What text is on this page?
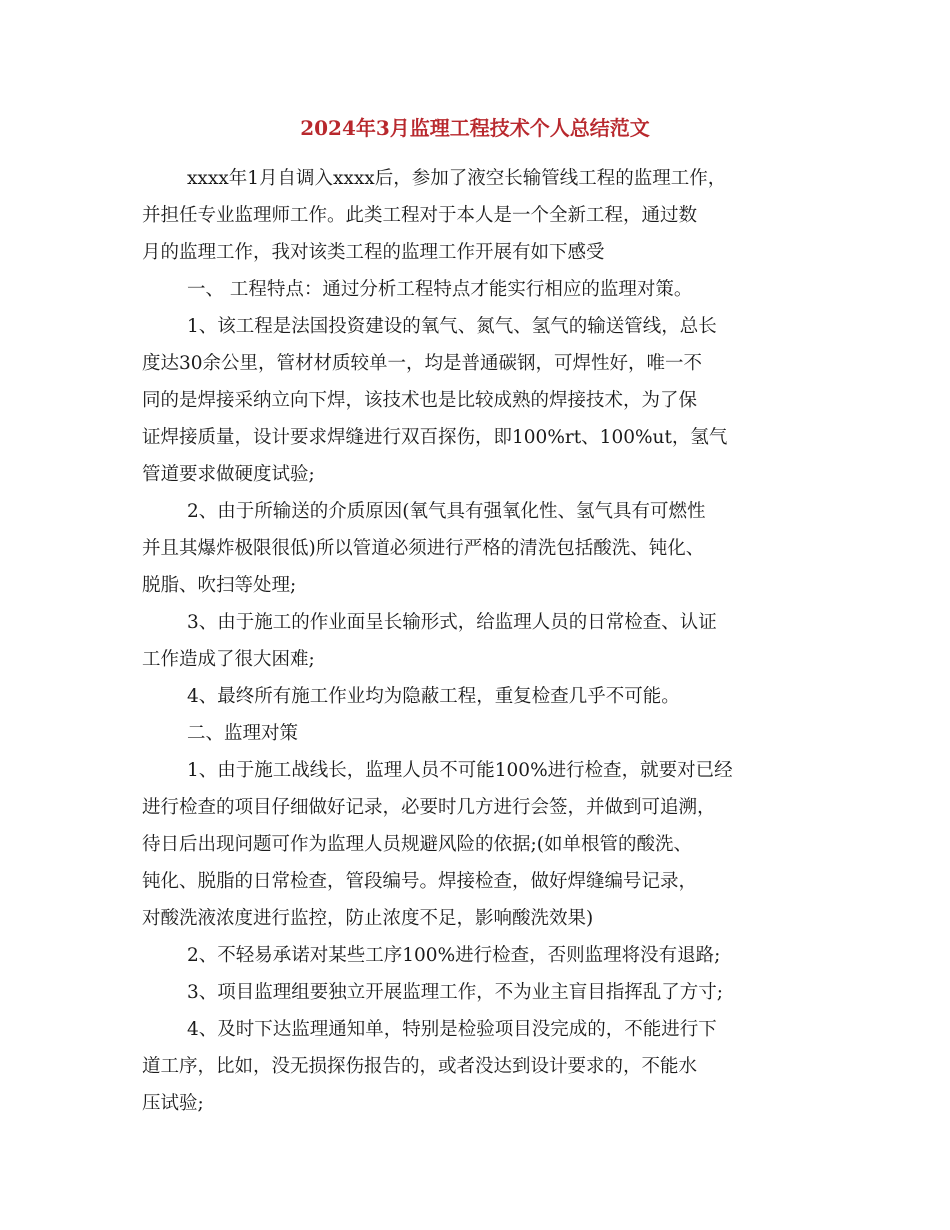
2024年3月监理工程技术个人总结范文
xxxx年1月自调入xxxx后，参加了液空长输管线工程的监理工作，
并担任专业监理师工作。此类工程对于本人是一个全新工程，通过数
月的监理工作，我对该类工程的监理工作开展有如下感受
一、 工程特点：通过分析工程特点才能实行相应的监理对策。
1、该工程是法国投资建设的氧气、氮气、氢气的输送管线，总长
度达30余公里，管材材质较单一，均是普通碳钢，可焊性好，唯一不
同的是焊接采纳立向下焊，该技术也是比较成熟的焊接技术，为了保
证焊接质量，设计要求焊缝进行双百探伤，即100%rt、100%ut，氢气
管道要求做硬度试验;
2、由于所输送的介质原因(氧气具有强氧化性、氢气具有可燃性
并且其爆炸极限很低)所以管道必须进行严格的清洗包括酸洗、钝化、
脱脂、吹扫等处理;
3、由于施工的作业面呈长输形式，给监理人员的日常检查、认证
工作造成了很大困难;
4、最终所有施工作业均为隐蔽工程，重复检查几乎不可能。
二、监理对策
1、由于施工战线长，监理人员不可能100%进行检查，就要对已经
进行检查的项目仔细做好记录，必要时几方进行会签，并做到可追溯，
待日后出现问题可作为监理人员规避风险的依据;(如单根管的酸洗、
钝化、脱脂的日常检查，管段编号。焊接检查，做好焊缝编号记录，
对酸洗液浓度进行监控，防止浓度不足，影响酸洗效果)
2、不轻易承诺对某些工序100%进行检查，否则监理将没有退路;
3、项目监理组要独立开展监理工作，不为业主盲目指挥乱了方寸;
4、及时下达监理通知单，特别是检验项目没完成的，不能进行下
道工序，比如，没无损探伤报告的，或者没达到设计要求的，不能水
压试验;
